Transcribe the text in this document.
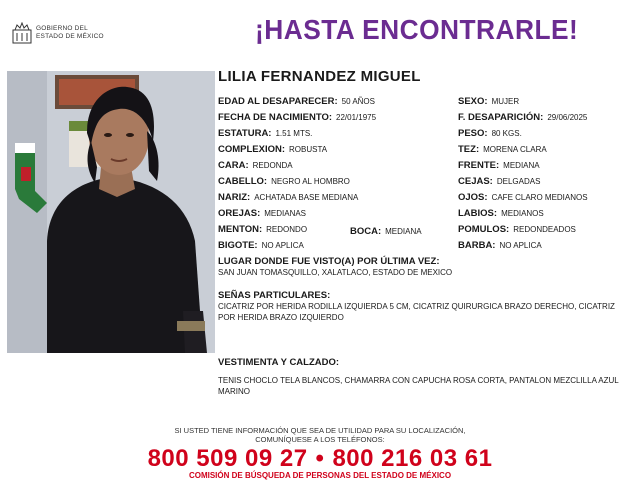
GOBIERNO DEL
ESTADO DE MÉXICO	¡HASTA ENCONTRARLE!
LILIA FERNANDEZ MIGUEL
EDAD AL DESAPARECER: 50 AÑOS
FECHA DE NACIMIENTO: 22/01/1975
ESTATURA: 1.51 MTS.
COMPLEXION: ROBUSTA
CARA: REDONDA
CABELLO: NEGRO AL HOMBRO
NARIZ: ACHATADA BASE MEDIANA
OREJAS: MEDIANAS
MENTON: REDONDO
BIGOTE: NO APLICA
BOCA: MEDIANA
SEXO: MUJER
F. DESAPARICIÓN: 29/06/2025
PESO: 80 KGS.
TEZ: MORENA CLARA
FRENTE: MEDIANA
CEJAS: DELGADAS
OJOS: CAFE CLARO MEDIANOS
LABIOS: MEDIANOS
POMULOS: REDONDEADOS
BARBA: NO APLICA
LUGAR DONDE FUE VISTO(A) POR ÚLTIMA VEZ:
SAN JUAN TOMASQUILLO, XALATLACO, ESTADO DE MEXICO
SEÑAS PARTICULARES:
CICATRIZ POR HERIDA RODILLA IZQUIERDA 5 CM, CICATRIZ QUIRURGICA BRAZO DERECHO, CICATRIZ POR HERIDA BRAZO IZQUIERDO
VESTIMENTA Y CALZADO:
TENIS CHOCLO TELA BLANCOS, CHAMARRA CON CAPUCHA ROSA CORTA, PANTALON MEZCLILLA AZUL MARINO
SI USTED TIENE INFORMACIÓN QUE SEA DE UTILIDAD PARA SU LOCALIZACIÓN,
COMUNÍQUESE A LOS TELÉFONOS:
800 509 09 27 • 800 216 03 61
COMISIÓN DE BÚSQUEDA DE PERSONAS DEL ESTADO DE MÉXICO
